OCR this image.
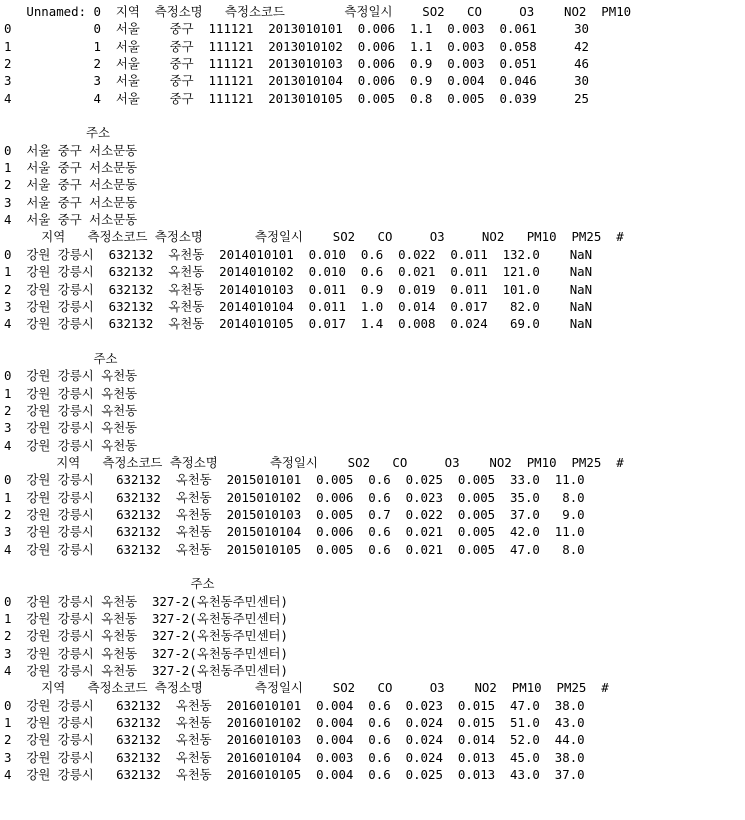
Unnamed: 0  지역  측정소명   측정소코드        측정일시    SO2   CO     O3    NO2  PM10
0           0  서울    중구  111121  2013010101  0.006  1.1  0.003  0.061     30
1           1  서울    중구  111121  2013010102  0.006  1.1  0.003  0.058     42
2           2  서울    중구  111121  2013010103  0.006  0.9  0.003  0.051     46
3           3  서울    중구  111121  2013010104  0.006  0.9  0.004  0.046     30
4           4  서울    중구  111121  2013010105  0.005  0.8  0.005  0.039     25
주소
0  서울 중구 서소문동
1  서울 중구 서소문동
2  서울 중구 서소문동
3  서울 중구 서소문동
4  서울 중구 서소문동
지역   측정소코드 측정소명       측정일시    SO2   CO     O3     NO2   PM10  PM25  #
0  강원 강릉시  632132  옥천동  2014010101  0.010  0.6  0.022  0.011  132.0    NaN
1  강원 강릉시  632132  옥천동  2014010102  0.010  0.6  0.021  0.011  121.0    NaN
2  강원 강릉시  632132  옥천동  2014010103  0.011  0.9  0.019  0.011  101.0    NaN
3  강원 강릉시  632132  옥천동  2014010104  0.011  1.0  0.014  0.017   82.0    NaN
4  강원 강릉시  632132  옥천동  2014010105  0.017  1.4  0.008  0.024   69.0    NaN
주소
0  강원 강릉시 옥천동
1  강원 강릉시 옥천동
2  강원 강릉시 옥천동
3  강원 강릉시 옥천동
4  강원 강릉시 옥천동
지역   측정소코드 측정소명       측정일시    SO2   CO     O3    NO2  PM10  PM25  #
0  강원 강릉시   632132  옥천동  2015010101  0.005  0.6  0.025  0.005  33.0  11.0
1  강원 강릉시   632132  옥천동  2015010102  0.006  0.6  0.023  0.005  35.0   8.0
2  강원 강릉시   632132  옥천동  2015010103  0.005  0.7  0.022  0.005  37.0   9.0
3  강원 강릉시   632132  옥천동  2015010104  0.006  0.6  0.021  0.005  42.0  11.0
4  강원 강릉시   632132  옥천동  2015010105  0.005  0.6  0.021  0.005  47.0   8.0
주소
0  강원 강릉시 옥천동  327-2(옥천동주민센터)
1  강원 강릉시 옥천동  327-2(옥천동주민센터)
2  강원 강릉시 옥천동  327-2(옥천동주민센터)
3  강원 강릉시 옥천동  327-2(옥천동주민센터)
4  강원 강릉시 옥천동  327-2(옥천동주민센터)
지역   측정소코드 측정소명       측정일시    SO2   CO     O3    NO2  PM10  PM25  #
0  강원 강릉시   632132  옥천동  2016010101  0.004  0.6  0.023  0.015  47.0  38.0
1  강원 강릉시   632132  옥천동  2016010102  0.004  0.6  0.024  0.015  51.0  43.0
2  강원 강릉시   632132  옥천동  2016010103  0.004  0.6  0.024  0.014  52.0  44.0
3  강원 강릉시   632132  옥천동  2016010104  0.003  0.6  0.024  0.013  45.0  38.0
4  강원 강릉시   632132  옥천동  2016010105  0.004  0.6  0.025  0.013  43.0  37.0
